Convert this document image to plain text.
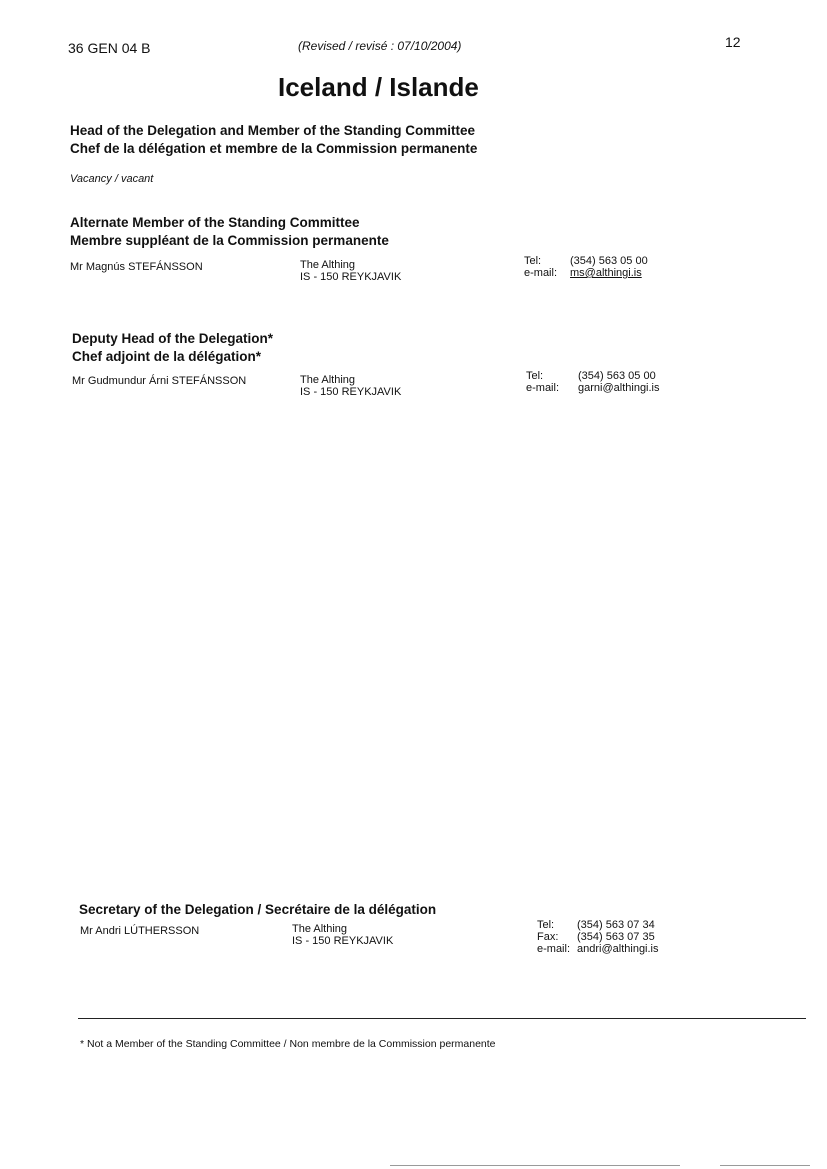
36 GEN 04 B	(Revised / revisé : 07/10/2004)	12
Iceland / Islande
Head of the Delegation and Member of the Standing Committee
Chef de la délégation et membre de la Commission permanente
Vacancy / vacant
Alternate Member of the Standing Committee
Membre suppléant de la Commission permanente
Mr Magnús STEFÁNSSON	The Althing
IS - 150 REYKJAVIK
Tel:	(354) 563 05 00
e-mail: ms@althingi.is
Deputy Head of the Delegation*
Chef adjoint de la délégation*
Mr Gudmundur Árni STEFÁNSSON	The Althing
IS - 150 REYKJAVIK
Tel:	(354) 563 05 00
e-mail: garni@althingi.is
Secretary of the Delegation / Secrétaire de la délégation
Mr Andri LÚTHERSSON	The Althing
IS - 150 REYKJAVIK
Tel:	(354) 563 07 34
Fax:	(354) 563 07 35
e-mail: andri@althingi.is
* Not a Member of the Standing Committee / Non membre de la Commission permanente
